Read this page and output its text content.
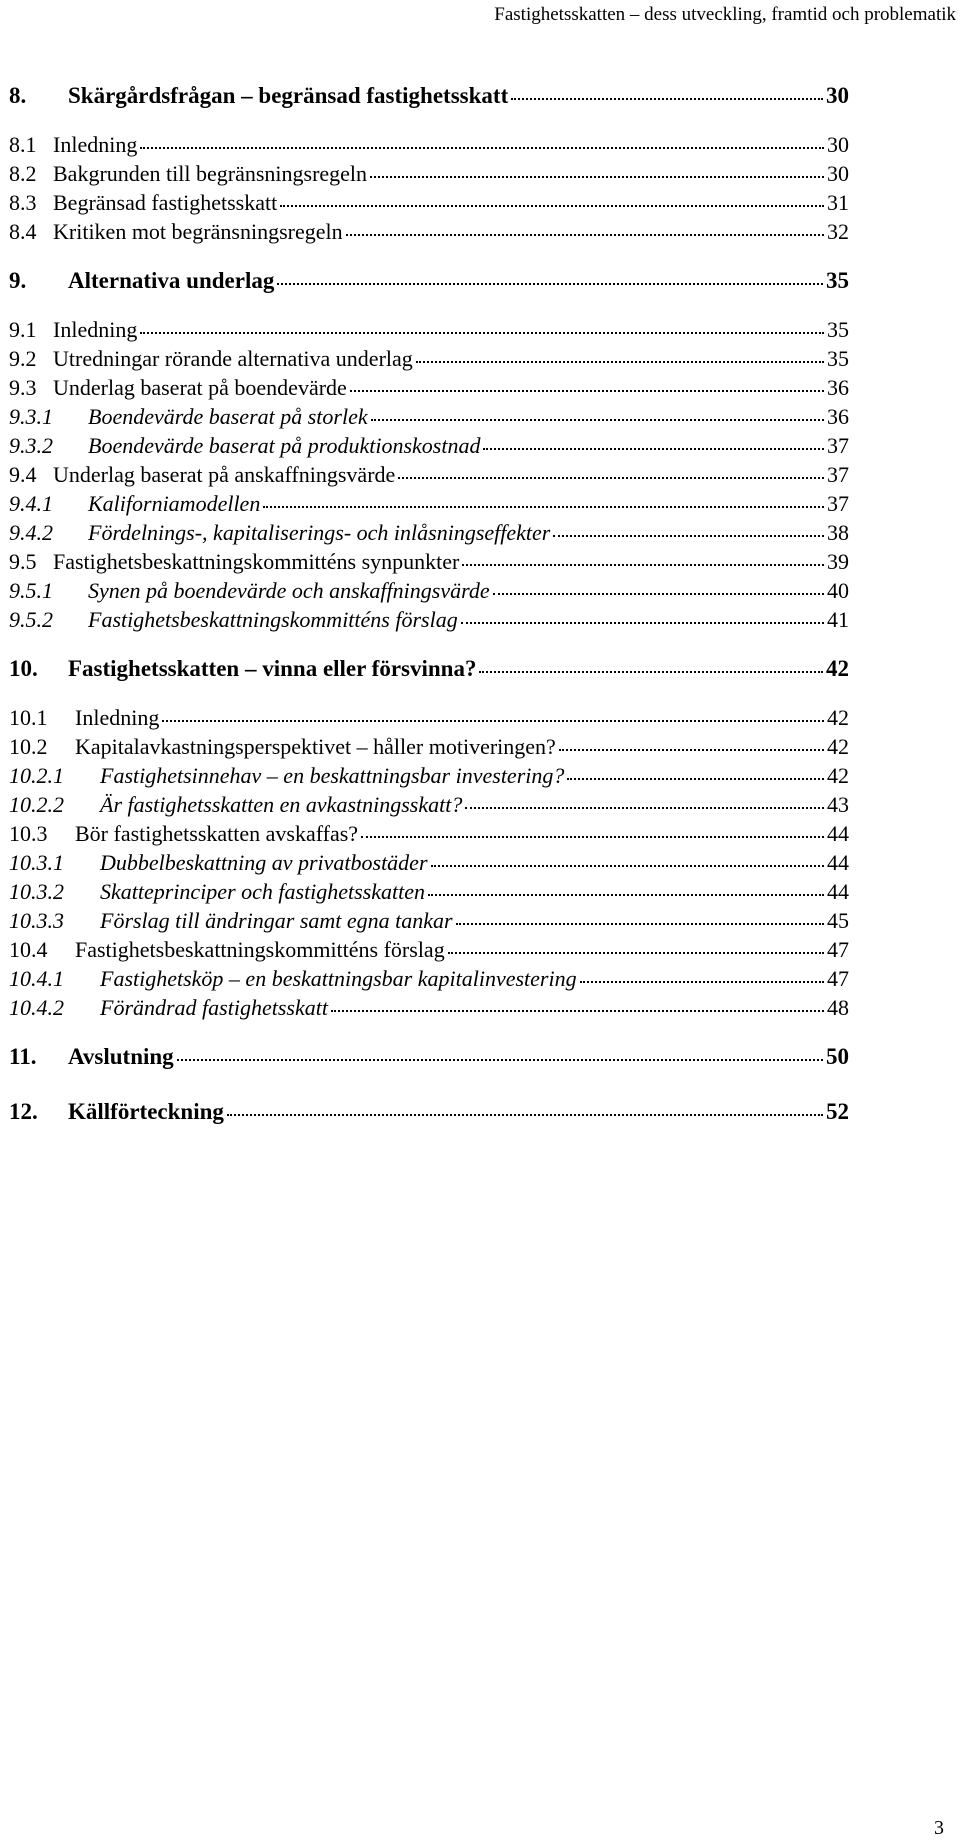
Fastighetsskatten – dess utveckling, framtid och problematik
8.	Skärgårdsfrågan – begränsad fastighetsskatt	30
8.1 Inledning	30
8.2 Bakgrunden till begränsningsregeln	30
8.3 Begränsad fastighetsskatt	31
8.4 Kritiken mot begränsningsregeln	32
9.	Alternativa underlag	35
9.1 Inledning	35
9.2 Utredningar rörande alternativa underlag	35
9.3 Underlag baserat på boendevärde	36
9.3.1	Boendevärde baserat på storlek	36
9.3.2	Boendevärde baserat på produktionskostnad	37
9.4 Underlag baserat på anskaffningsvärde	37
9.4.1	Kaliforniamodellen	37
9.4.2	Fördelnings-, kapitaliserings- och inlåsningseffekter	38
9.5 Fastighetsbeskattningskommitténs synpunkter	39
9.5.1	Synen på boendevärde och anskaffningsvärde	40
9.5.2	Fastighetsbeskattningskommitténs förslag	41
10.	Fastighetsskatten – vinna eller försvinna?	42
10.1	Inledning	42
10.2	Kapitalavkastningsperspektivet – håller motiveringen?	42
10.2.1	Fastighetsinnehav – en beskattningsbar investering?	42
10.2.2	Är fastighetsskatten en avkastningsskatt?	43
10.3	Bör fastighetsskatten avskaffas?	44
10.3.1	Dubbelbeskattning av privatbostäder	44
10.3.2	Skatteprinciper och fastighetsskatten	44
10.3.3	Förslag till ändringar samt egna tankar	45
10.4	Fastighetsbeskattningskommitténs förslag	47
10.4.1	Fastighetsköp – en beskattningsbar kapitalinvestering	47
10.4.2	Förändrad fastighetsskatt	48
11.	Avslutning	50
12.	Källförteckning	52
3
